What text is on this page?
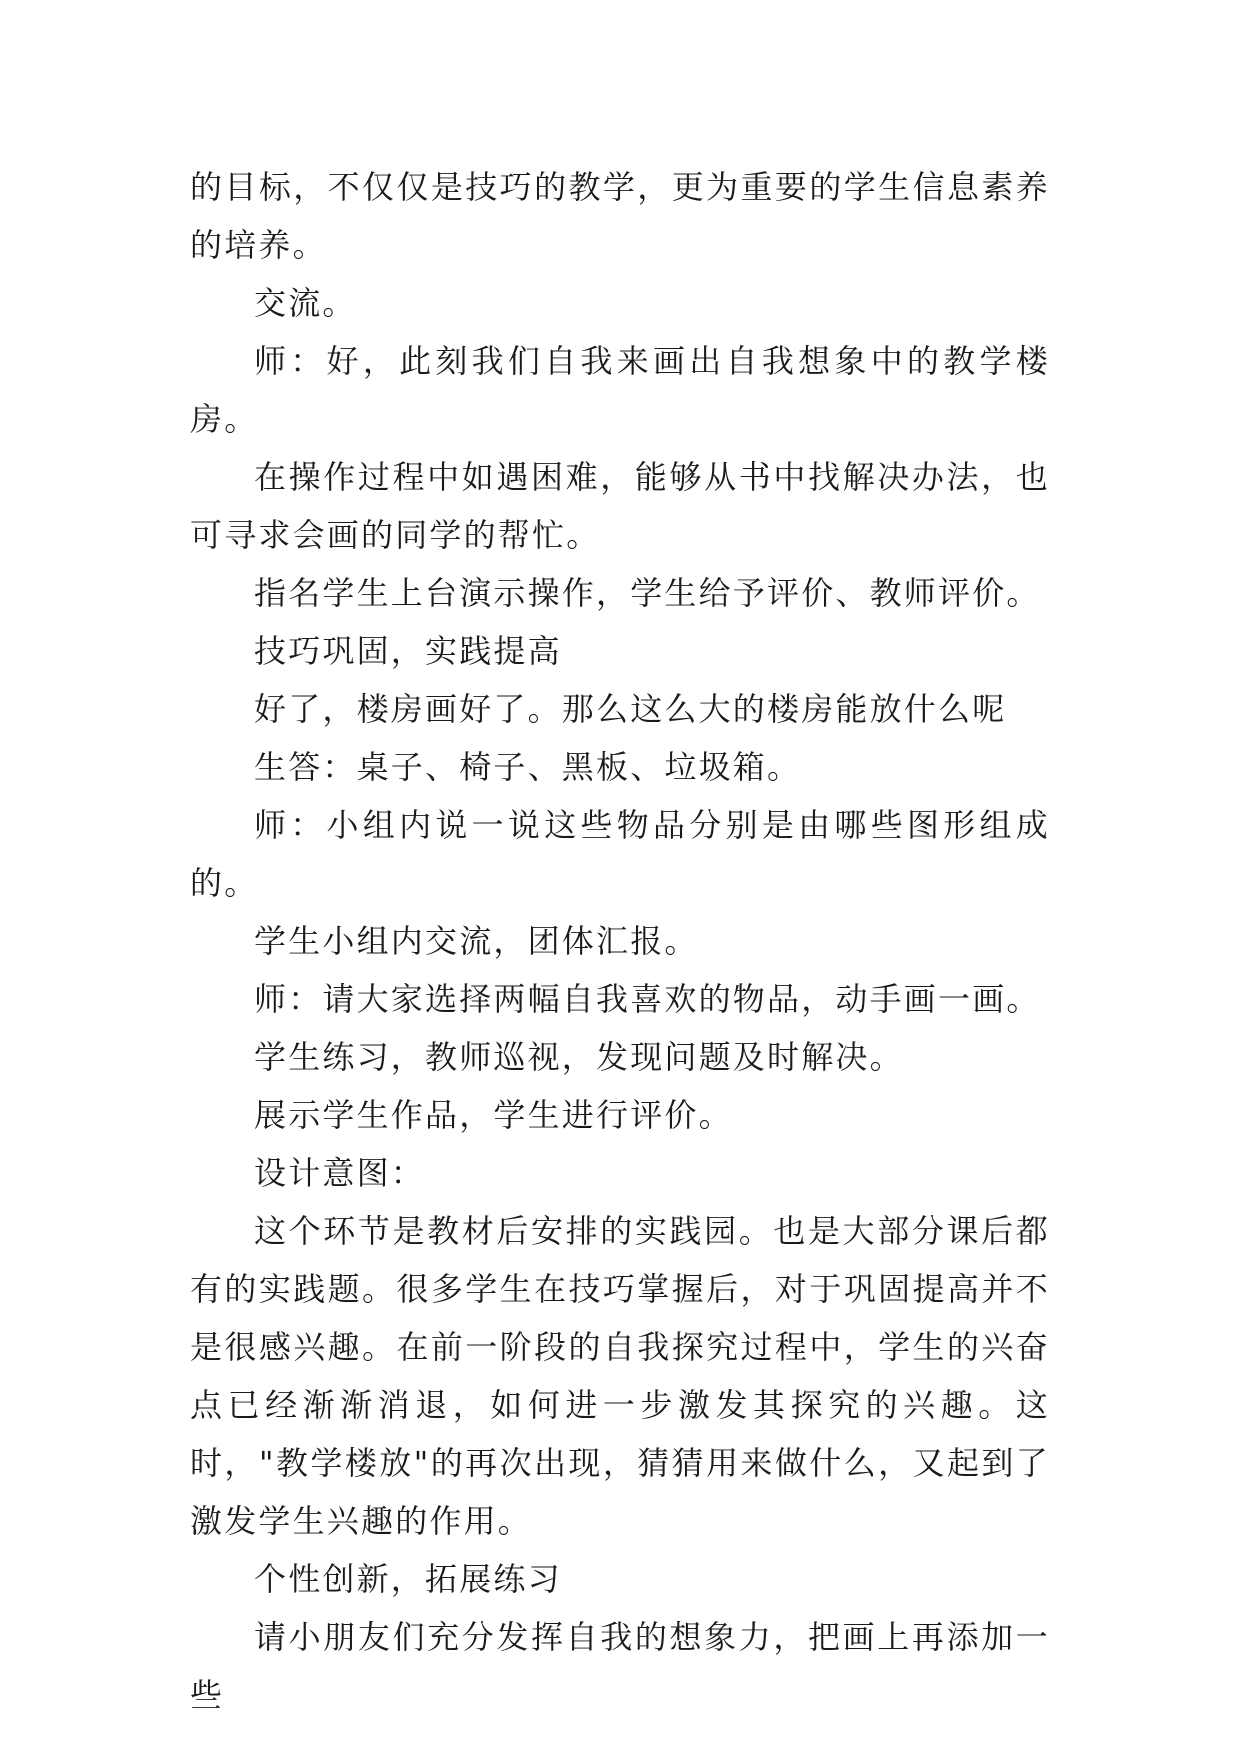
的目标，不仅仅是技巧的教学，更为重要的学生信息素养的培养。

交流。

师：好，此刻我们自我来画出自我想象中的教学楼房。

在操作过程中如遇困难，能够从书中找解决办法，也可寻求会画的同学的帮忙。

指名学生上台演示操作，学生给予评价、教师评价。

技巧巩固，实践提高

好了，楼房画好了。那么这么大的楼房能放什么呢

生答：桌子、椅子、黑板、垃圾箱。

师：小组内说一说这些物品分别是由哪些图形组成的。

学生小组内交流，团体汇报。

师：请大家选择两幅自我喜欢的物品，动手画一画。

学生练习，教师巡视，发现问题及时解决。

展示学生作品，学生进行评价。

设计意图：

这个环节是教材后安排的实践园。也是大部分课后都有的实践题。很多学生在技巧掌握后，对于巩固提高并不是很感兴趣。在前一阶段的自我探究过程中，学生的兴奋点已经渐渐消退，如何进一步激发其探究的兴趣。这时，"教学楼放"的再次出现，猜猜用来做什么，又起到了激发学生兴趣的作用。

个性创新，拓展练习

请小朋友们充分发挥自我的想象力，把画上再添加一些
